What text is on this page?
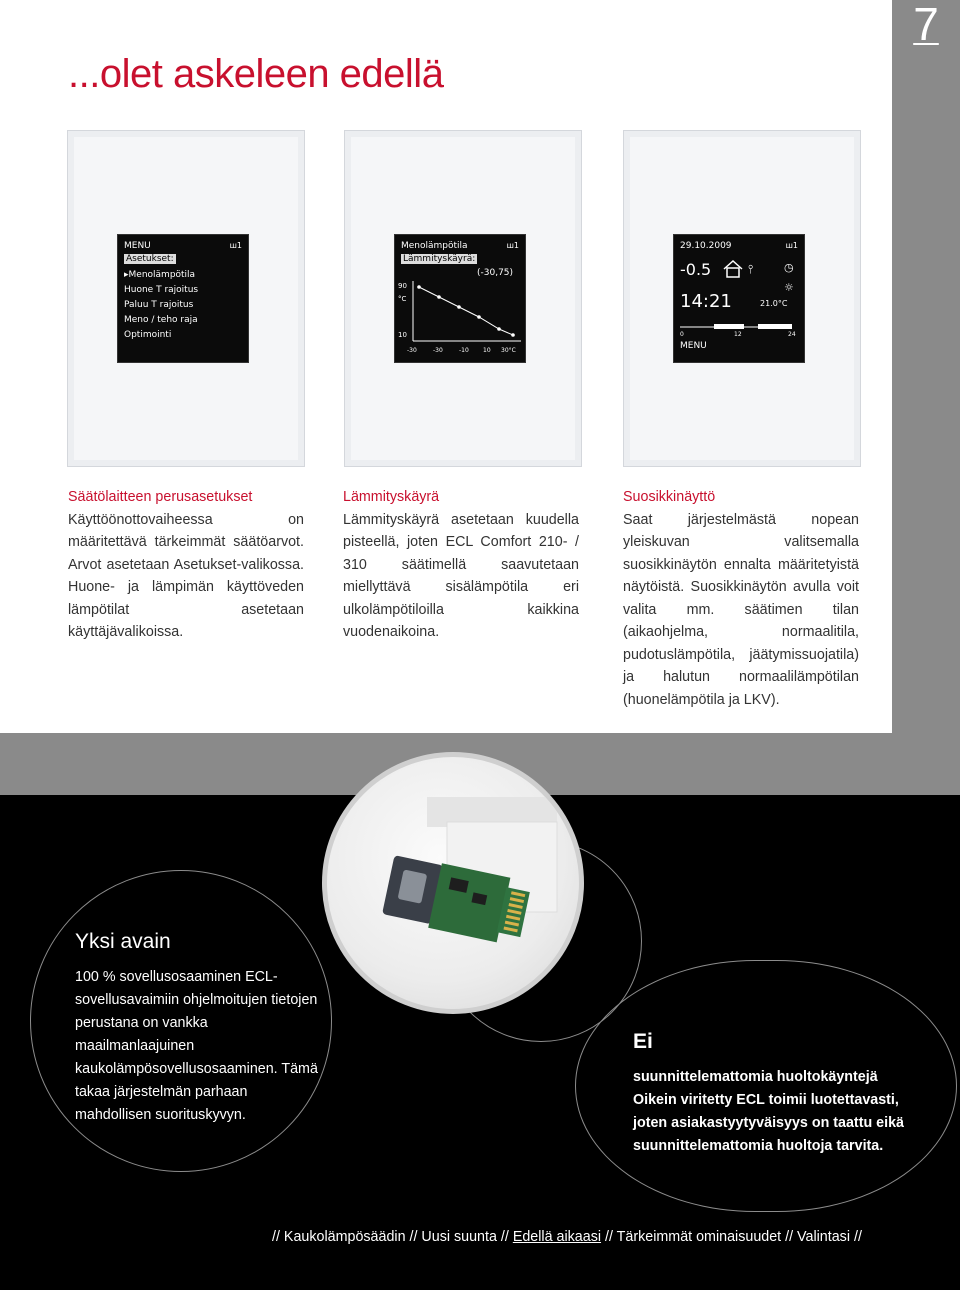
7
...olet askeleen edellä
ш1
MENU
Asetukset:
▸Menolämpötila
Huone T rajoitus
Paluu T rajoitus
Meno / teho raja
Optimointi
ш1
Menolämpötila
Lämmityskäyrä:
(-30,75)
90
°C
10
-30	-30	-10 10 30°C
29.10.2009	ш1
-0.5	⫯	◷
☼
14:21	21.0°C
0	12	24
MENU
Säätölaitteen perusasetukset

Käyttöönottovaiheessa on määritettävä tärkeimmät säätöarvot. Arvot asetetaan Asetukset-valikossa. Huone- ja lämpimän käyttöveden lämpötilat asetetaan käyttäjävalikoissa.

Lämmityskäyrä

Lämmityskäyrä asetetaan kuudella pisteellä, joten ECL Comfort 210- / 310 säätimellä saavutetaan miellyttävä sisälämpötila eri ulkolämpötiloilla kaikkina vuodenaikoina.

Suosikkinäyttö

Saat järjestelmästä nopean yleiskuvan valitsemalla suosikkinäytön ennalta määritetyistä näytöistä. Suosikkinäytön avulla voit valita mm. säätimen tilan (aikaohjelma, normaalitila, pudotuslämpötila, jäätymissuojatila) ja halutun normaalilämpötilan (huonelämpötila ja LKV).

Yksi avain
100 % sovellusosaaminen ECL-sovellusavaimiin ohjelmoitujen tietojen perustana on vankka maailmanlaajuinen kaukolämpösovellusosaaminen. Tämä takaa järjestelmän parhaan mahdollisen suorituskyvyn.
Ei
suunnittelemattomia huoltokäyntejä
Oikein viritetty ECL toimii luotettavasti, joten asiakastyytyväisyys on taattu eikä suunnittelemattomia huoltoja tarvita.
// Kaukolämpösäädin // Uusi suunta // Edellä aikaasi // Tärkeimmät ominaisuudet // Valintasi //
